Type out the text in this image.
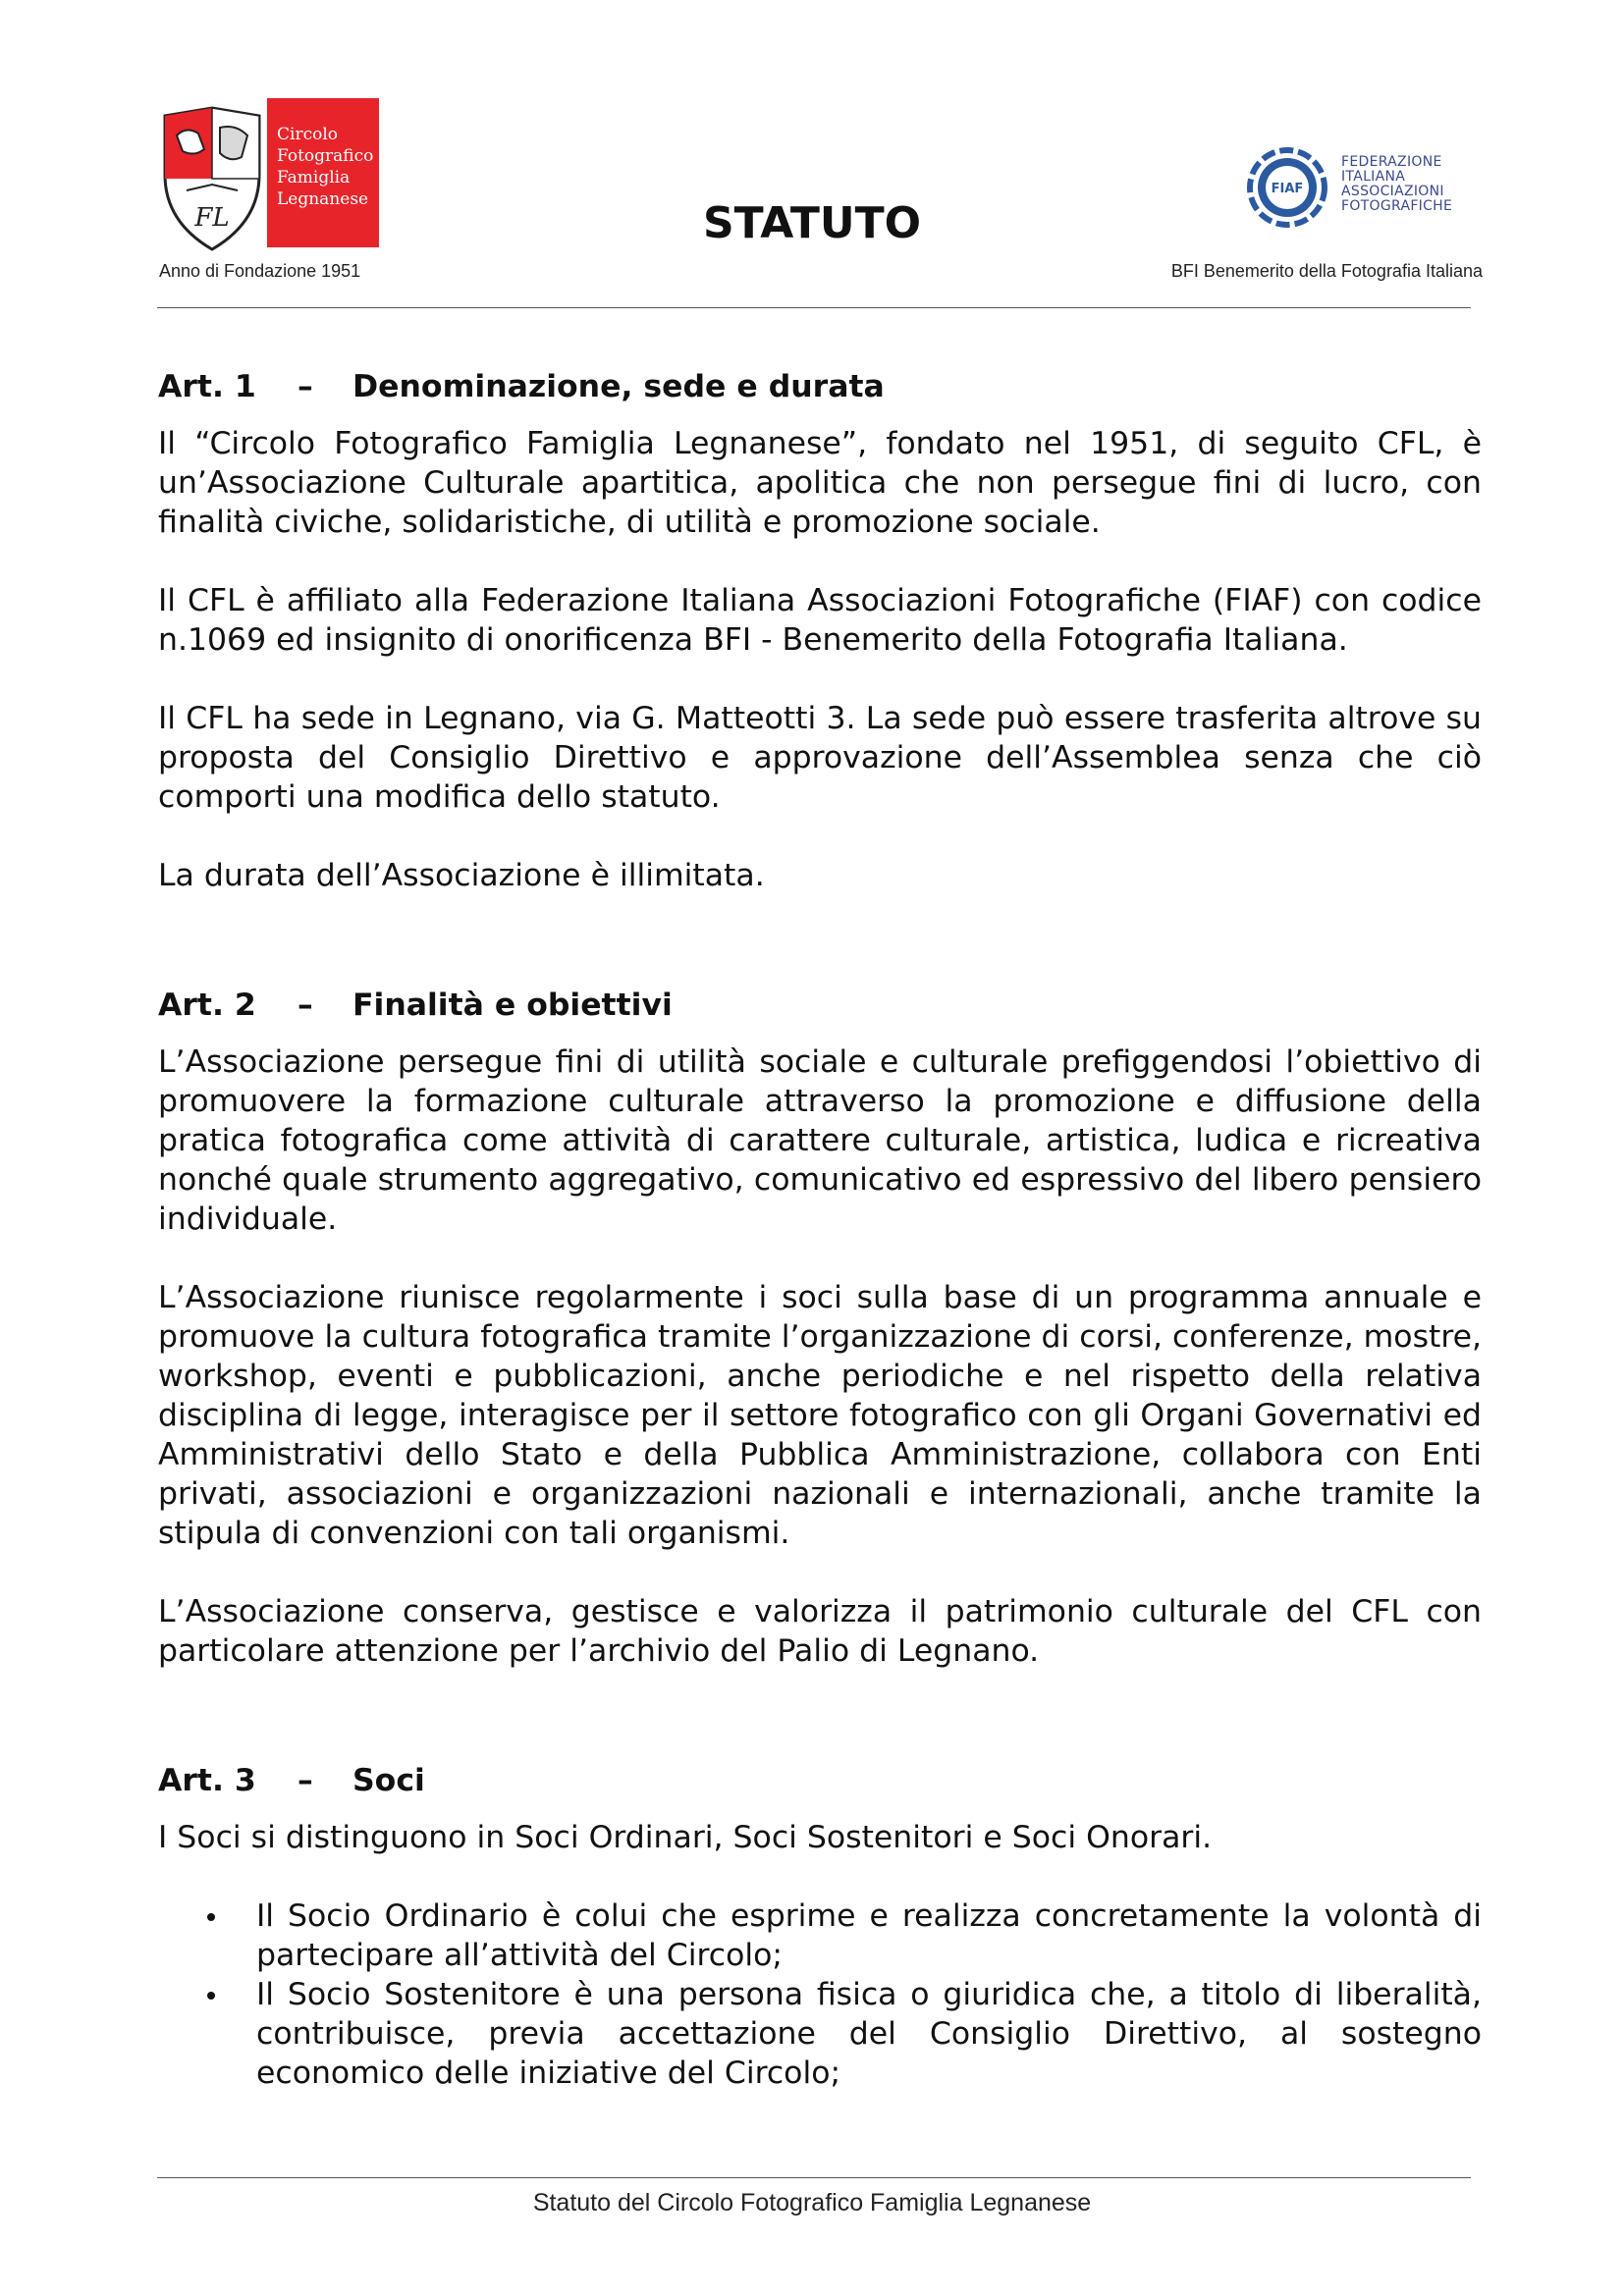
FL
Circolo
Fotografico
Famiglia
Legnanese	STATUTO
FIAF
FEDERAZIONE
ITALIANA
ASSOCIAZIONI
FOTOGRAFICHE
Anno di Fondazione 1951	BFI Benemerito della Fotografia Italiana
Art. 1	–	Denominazione, sede e durata

Il “Circolo Fotografico Famiglia Legnanese”, fondato nel 1951, di seguito CFL, è un’Associazione Culturale apartitica, apolitica che non persegue fini di lucro, con finalità civiche, solidaristiche, di utilità e promozione sociale.

Il CFL è affiliato alla Federazione Italiana Associazioni Fotografiche (FIAF) con codice n.1069 ed insignito di onorificenza BFI - Benemerito della Fotografia Italiana.

Il CFL ha sede in Legnano, via G. Matteotti 3. La sede può essere trasferita altrove su proposta del Consiglio Direttivo e approvazione dell’Assemblea senza che ciò comporti una modifica dello statuto.

La durata dell’Associazione è illimitata.

Art. 2	–	Finalità e obiettivi

L’Associazione persegue fini di utilità sociale e culturale prefiggendosi l’obiettivo di promuovere la formazione culturale attraverso la promozione e diffusione della pratica fotografica come attività di carattere culturale, artistica, ludica e ricreativa nonché quale strumento aggregativo, comunicativo ed espressivo del libero pensiero individuale.

L’Associazione riunisce regolarmente i soci sulla base di un programma annuale e promuove la cultura fotografica tramite l’organizzazione di corsi, conferenze, mostre, workshop, eventi e pubblicazioni, anche periodiche e nel rispetto della relativa disciplina di legge, interagisce per il settore fotografico con gli Organi Governativi ed Amministrativi dello Stato e della Pubblica Amministrazione, collabora con Enti privati, associazioni e organizzazioni nazionali e internazionali, anche tramite la stipula di convenzioni con tali organismi.

L’Associazione conserva, gestisce e valorizza il patrimonio culturale del CFL con particolare attenzione per l’archivio del Palio di Legnano.

Art. 3	–	Soci

I Soci si distinguono in Soci Ordinari, Soci Sostenitori e Soci Onorari.

Il Socio Ordinario è colui che esprime e realizza concretamente la volontà di partecipare all’attività del Circolo;
Il Socio Sostenitore è una persona fisica o giuridica che, a titolo di liberalità, contribuisce, previa accettazione del Consiglio Direttivo, al sostegno economico delle iniziative del Circolo;
Statuto del Circolo Fotografico Famiglia Legnanese
